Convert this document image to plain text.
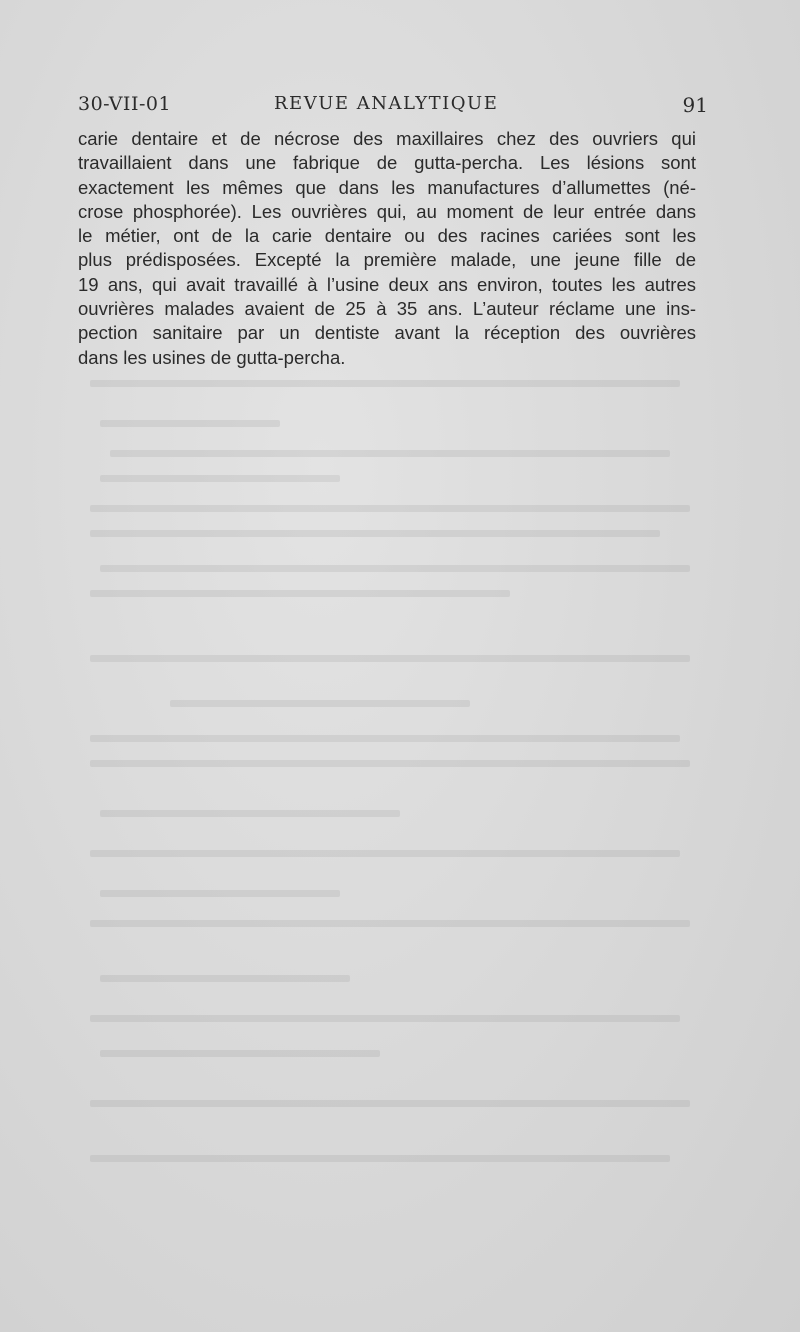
30-VII-01	REVUE ANALYTIQUE	91
carie dentaire et de nécrose des maxillaires chez des ouvriers qui
travaillaient dans une fabrique de gutta-percha. Les lésions sont
exactement les mêmes que dans les manufactures d’allumettes (né-
crose phosphorée). Les ouvrières qui, au moment de leur entrée dans
le métier, ont de la carie dentaire ou des racines cariées sont les
plus prédisposées. Excepté la première malade, une jeune fille de
19 ans, qui avait travaillé à l’usine deux ans environ, toutes les autres
ouvrières malades avaient de 25 à 35 ans. L’auteur réclame une ins-
pection sanitaire par un dentiste avant la réception des ouvrières
dans les usines de gutta-percha.
